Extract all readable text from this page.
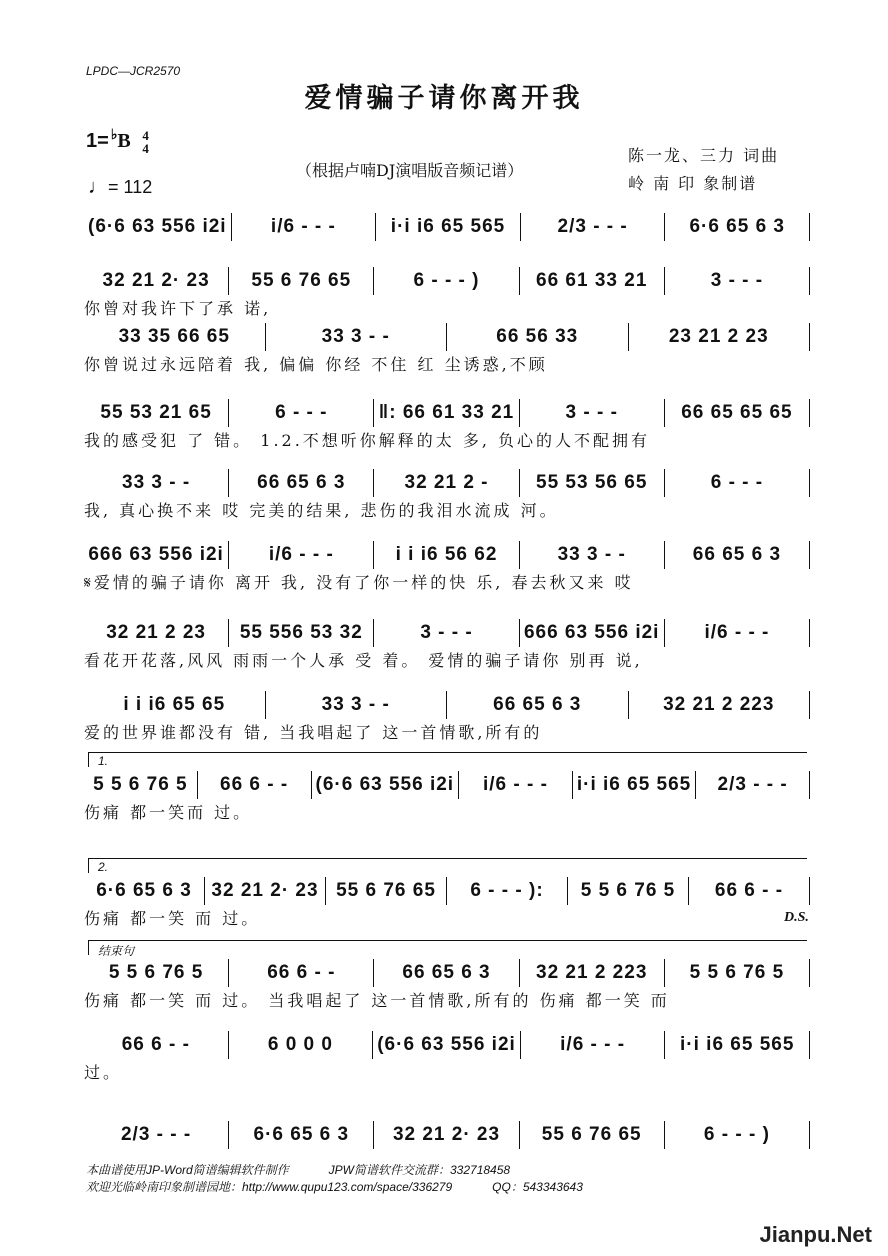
LPDC—JCR2570
爱情骗子请你离开我
1= ♭B 4
4
（根据卢喃DJ演唱版音频记谱）
陈一龙、三力 词曲
岭 南 印 象制谱
♩= 112
(6·6 63 556 i2i	i/6 - - -	i·i i6 65 565	2/3 - - -	6·6 65 6 3
32 21 2· 23	55 6 76 65	6 - - - )	66 61 33 21	3 - - -
你曾对我许下了承 诺,
33 35 66 65	33 3 - -	66 56 33	23 21 2 23
你曾说过永远陪着 我, 偏偏 你经 不住 红 尘诱惑,不顾
55 53 21 65	6 - - -	‖: 66 61 33 21	3 - - -	66 65 65 65
我的感受犯 了 错。 1.2.不想听你解释的太 多, 负心的人不配拥有
33 3 - -	66 65 6 3	32 21 2 -	55 53 56 65	6 - - -
我, 真心换不来 哎 完美的结果, 悲伤的我泪水流成 河。
666 63 556 i2i	i/6 - - -	i i i6 56 62	33 3 - -	66 65 6 3
𝄋爱情的骗子请你 离开 我, 没有了你一样的快 乐, 春去秋又来 哎
32 21 2 23	55 556 53 32	3 - - -	666 63 556 i2i	i/6 - - -
看花开花落,风风 雨雨一个人承 受 着。 爱情的骗子请你 别再 说,
i i i6 65 65	33 3 - -	66 65 6 3	32 21 2 223
爱的世界谁都没有 错, 当我唱起了 这一首情歌,所有的
1.
5 5 6 76 5	66 6 - -	(6·6 63 556 i2i	i/6 - - -	i·i i6 65 565	2/3 - - -
伤痛 都一笑而 过。
2.
6·6 65 6 3	32 21 2· 23 55 6 76 65	6 - - - ):	5 5 6 76 5	66 6 - -
伤痛 都一笑 而 过。	D.S.
结束句
5 5 6 76 5	66 6 - -	66 65 6 3	32 21 2 223	5 5 6 76 5
伤痛 都一笑 而 过。 当我唱起了 这一首情歌,所有的 伤痛 都一笑 而
66 6 - -	6 0 0 0	(6·6 63 556 i2i	i/6 - - -	i·i i6 65 565
过。
2/3 - - -	6·6 65 6 3	32 21 2· 23	55 6 76 65	6 - - - )
本曲谱使用JP-Word简谱编辑软件制作	JPW简谱软件交流群：332718458
欢迎光临岭南印象制谱园地：http://www.qupu123.com/space/336279	QQ：543343643
Jianpu.Net
